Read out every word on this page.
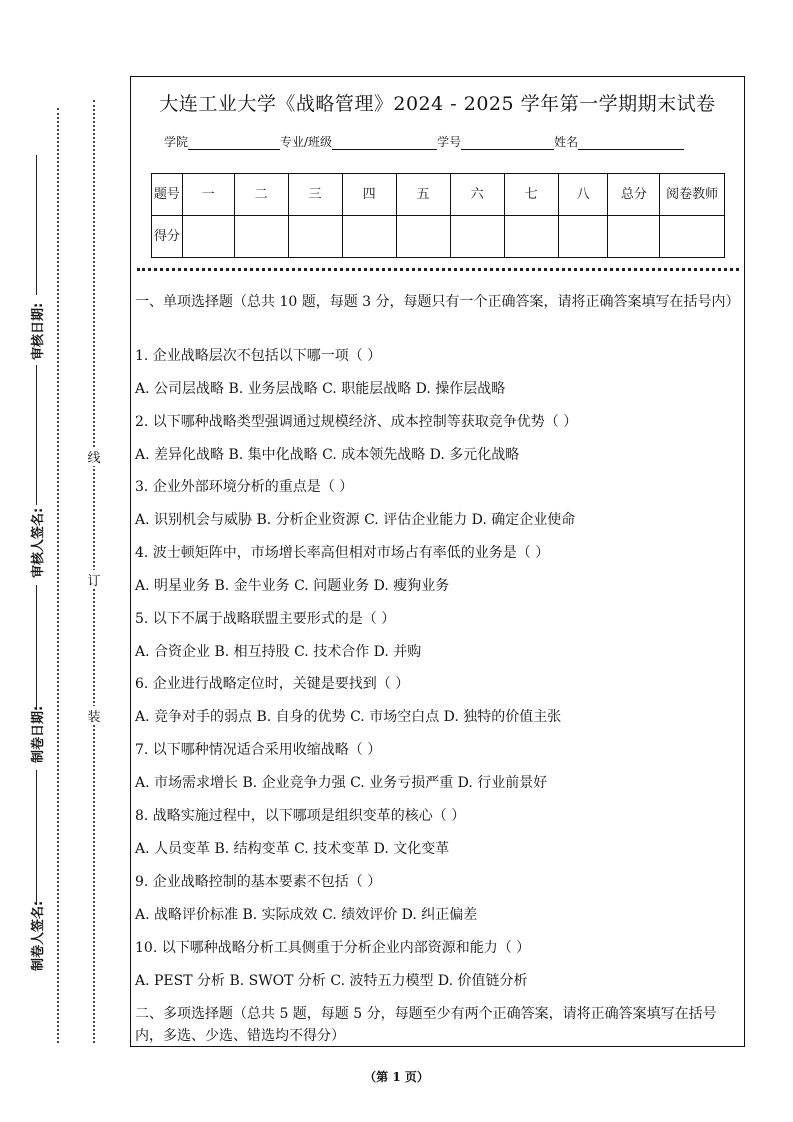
审核日期:
审核人签名:
制卷日期:
制卷人签名:
线
订
装
大连工业大学《战略管理》2024 - 2025 学年第一学期期末试卷
学院	专业/班级	学号	姓名
题号	一	二	三	四	五	六	七	八	总分	阅卷教师
得分										
一、单项选择题（总共 10 题，每题 3 分，每题只有一个正确答案，请将正确答案填写在括号内）
1. 企业战略层次不包括以下哪一项（ ）
A. 公司层战略 B. 业务层战略 C. 职能层战略 D. 操作层战略
2. 以下哪种战略类型强调通过规模经济、成本控制等获取竞争优势（ ）
A. 差异化战略 B. 集中化战略 C. 成本领先战略 D. 多元化战略
3. 企业外部环境分析的重点是（ ）
A. 识别机会与威胁 B. 分析企业资源 C. 评估企业能力 D. 确定企业使命
4. 波士顿矩阵中，市场增长率高但相对市场占有率低的业务是（ ）
A. 明星业务 B. 金牛业务 C. 问题业务 D. 瘦狗业务
5. 以下不属于战略联盟主要形式的是（ ）
A. 合资企业 B. 相互持股 C. 技术合作 D. 并购
6. 企业进行战略定位时，关键是要找到（ ）
A. 竞争对手的弱点 B. 自身的优势 C. 市场空白点 D. 独特的价值主张
7. 以下哪种情况适合采用收缩战略（ ）
A. 市场需求增长 B. 企业竞争力强 C. 业务亏损严重 D. 行业前景好
8. 战略实施过程中，以下哪项是组织变革的核心（ ）
A. 人员变革 B. 结构变革 C. 技术变革 D. 文化变革
9. 企业战略控制的基本要素不包括（ ）
A. 战略评价标准 B. 实际成效 C. 绩效评价 D. 纠正偏差
10. 以下哪种战略分析工具侧重于分析企业内部资源和能力（ ）
A. PEST 分析 B. SWOT 分析 C. 波特五力模型 D. 价值链分析
二、多项选择题（总共 5 题，每题 5 分，每题至少有两个正确答案，请将正确答案填写在括号内，多选、少选、错选均不得分）
（第 1 页）
